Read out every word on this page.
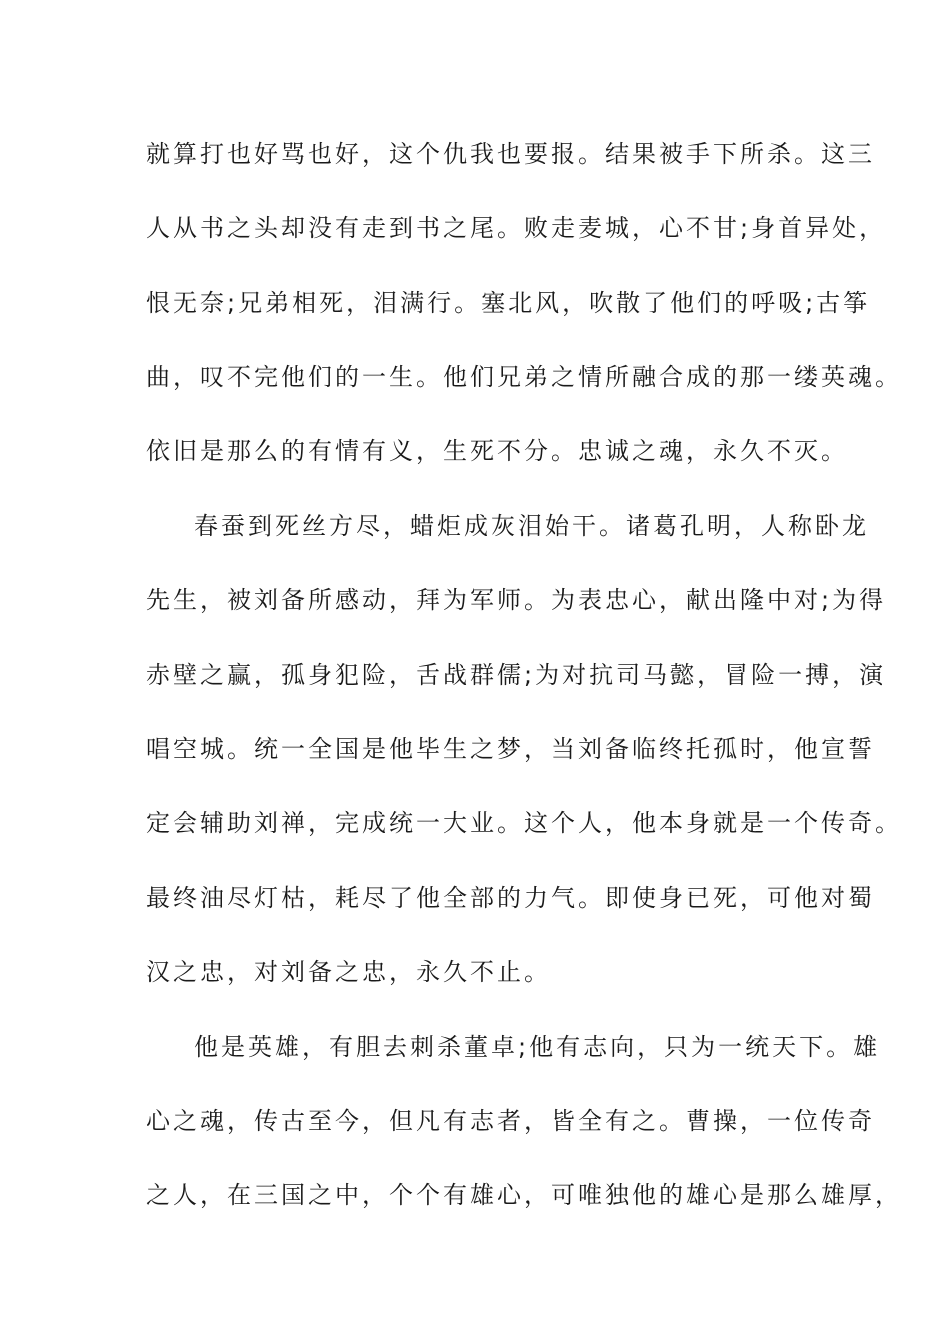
就算打也好骂也好，这个仇我也要报。结果被手下所杀。这三
人从书之头却没有走到书之尾。败走麦城，心不甘;身首异处，
恨无奈;兄弟相死，泪满行。塞北风，吹散了他们的呼吸;古筝
曲，叹不完他们的一生。他们兄弟之情所融合成的那一缕英魂。
依旧是那么的有情有义，生死不分。忠诚之魂，永久不灭。
春蚕到死丝方尽，蜡炬成灰泪始干。诸葛孔明，人称卧龙
先生，被刘备所感动，拜为军师。为表忠心，献出隆中对;为得
赤壁之赢，孤身犯险，舌战群儒;为对抗司马懿，冒险一搏，演
唱空城。统一全国是他毕生之梦，当刘备临终托孤时，他宣誓
定会辅助刘禅，完成统一大业。这个人，他本身就是一个传奇。
最终油尽灯枯，耗尽了他全部的力气。即使身已死，可他对蜀
汉之忠，对刘备之忠，永久不止。
他是英雄，有胆去刺杀董卓;他有志向，只为一统天下。雄
心之魂，传古至今，但凡有志者，皆全有之。曹操，一位传奇
之人，在三国之中，个个有雄心，可唯独他的雄心是那么雄厚，
